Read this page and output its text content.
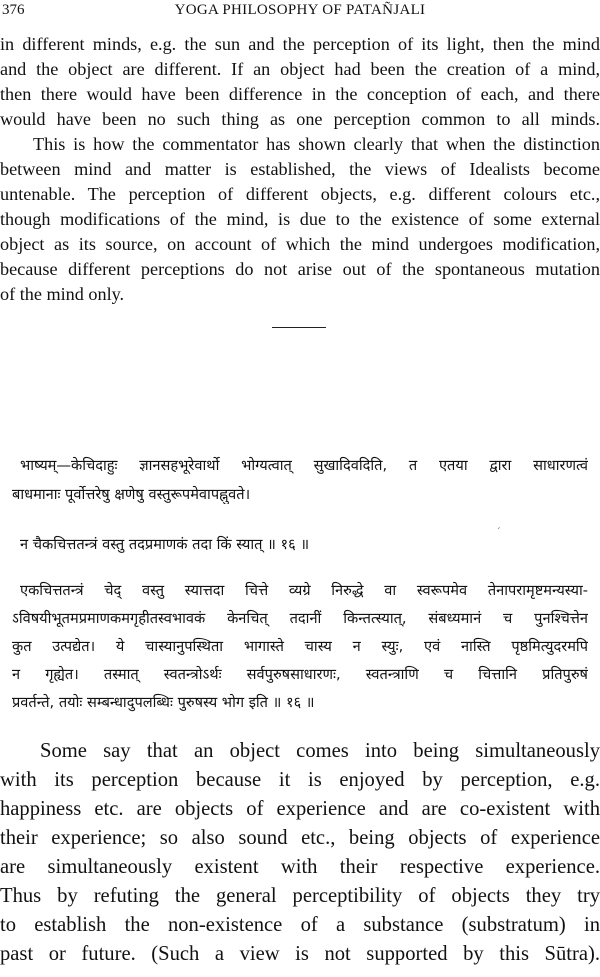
376	YOGA PHILOSOPHY OF PATAÑJALI
in different minds, e.g. the sun and the perception of its light, then the mind
and the object are different. If an object had been the creation of a mind,
then there would have been difference in the conception of each, and there
would have been no such thing as one perception common to all minds.
This is how the commentator has shown clearly that when the distinction
between mind and matter is established, the views of Idealists become
untenable. The perception of different objects, e.g. different colours etc.,
though modifications of the mind, is due to the existence of some external
object as its source, on account of which the mind undergoes modification,
because different perceptions do not arise out of the spontaneous mutation
of the mind only.
भाष्यम्—केचिदाहुः ज्ञानसहभूरेवार्थो भोग्यत्वात् सुखादिवदिति, त एतया द्वारा साधारणत्वं
बाधमानाः पूर्वोत्तरेषु क्षणेषु वस्तुरूपमेवापह्नुवते।
ˊ
न चैकचित्ततन्त्रं वस्तु तदप्रमाणकं तदा किं स्यात् ॥ १६ ॥
एकचित्ततन्त्रं चेद् वस्तु स्यात्तदा चित्ते व्यग्रे निरुद्धे वा स्वरूपमेव तेनापरामृष्टमन्यस्या-
ऽविषयीभूतमप्रमाणकमगृहीतस्वभावकं केनचित् तदानीं किन्तत्स्यात्, संबध्यमानं च पुनश्चित्तेन
कुत उत्पद्येत। ये चास्यानुपस्थिता भागास्ते चास्य न स्युः, एवं नास्ति पृष्ठमित्युदरमपि
न गृह्येत। तस्मात् स्वतन्त्रोऽर्थः सर्वपुरुषसाधारणः, स्वतन्त्राणि च चित्तानि प्रतिपुरुषं
प्रवर्तन्ते, तयोः सम्बन्धादुपलब्धिः पुरुषस्य भोग इति ॥ १६ ॥
Some say that an object comes into being simultaneously
with its perception because it is enjoyed by perception, e.g.
happiness etc. are objects of experience and are co-existent with
their experience; so also sound etc., being objects of experience
are simultaneously existent with their respective experience.
Thus by refuting the general perceptibility of objects they try
to establish the non-existence of a substance (substratum) in
past or future. (Such a view is not supported by this Sūtra).
